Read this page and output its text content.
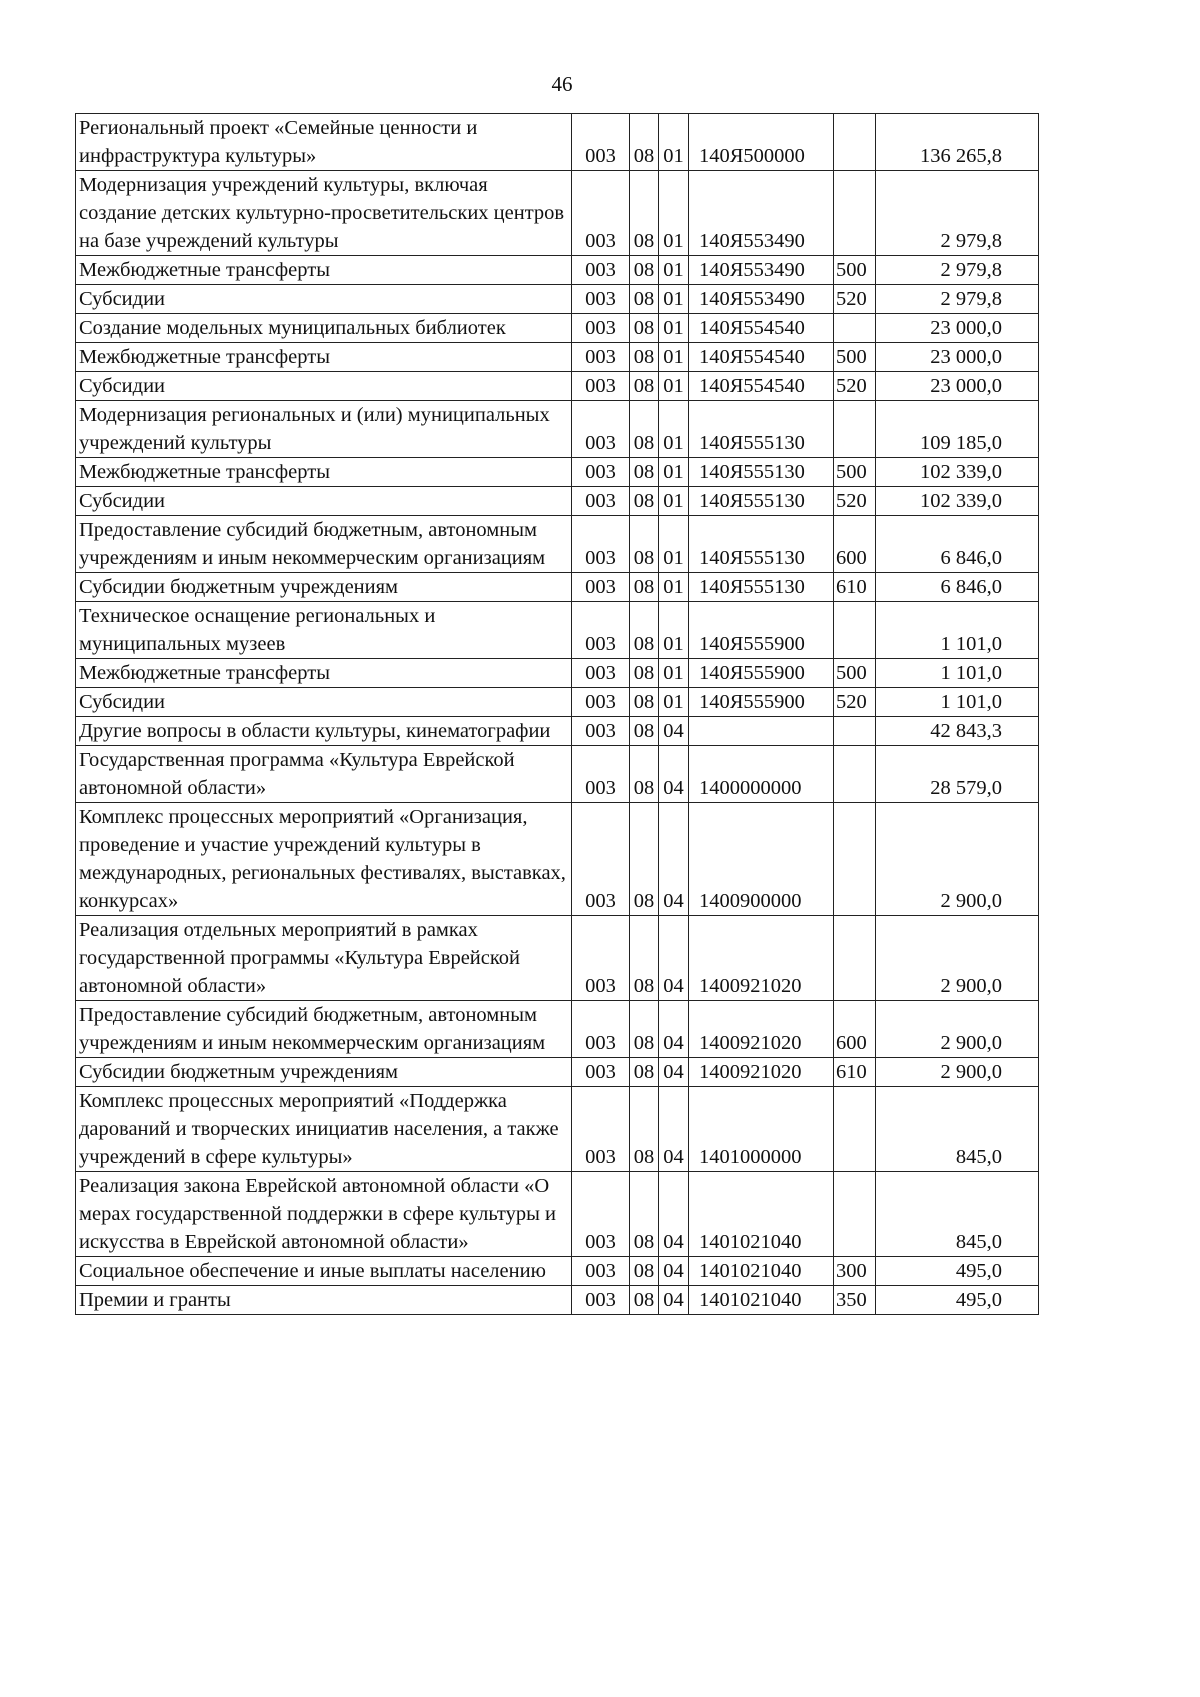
46
Региональный проект «Семейные ценности и инфраструктура культуры»	003	08	01	140Я500000		136 265,8
Модернизация учреждений культуры, включая создание детских культурно-просветительских центров на базе учреждений культуры	003	08	01	140Я553490		2 979,8
Межбюджетные трансферты	003	08	01	140Я553490	500	2 979,8
Субсидии	003	08	01	140Я553490	520	2 979,8
Создание модельных муниципальных библиотек	003	08	01	140Я554540		23 000,0
Межбюджетные трансферты	003	08	01	140Я554540	500	23 000,0
Субсидии	003	08	01	140Я554540	520	23 000,0
Модернизация региональных и (или) муниципальных учреждений культуры	003	08	01	140Я555130		109 185,0
Межбюджетные трансферты	003	08	01	140Я555130	500	102 339,0
Субсидии	003	08	01	140Я555130	520	102 339,0
Предоставление субсидий бюджетным, автономным учреждениям и иным некоммерческим организациям	003	08	01	140Я555130	600	6 846,0
Субсидии бюджетным учреждениям	003	08	01	140Я555130	610	6 846,0
Техническое оснащение региональных и муниципальных музеев	003	08	01	140Я555900		1 101,0
Межбюджетные трансферты	003	08	01	140Я555900	500	1 101,0
Субсидии	003	08	01	140Я555900	520	1 101,0
Другие вопросы в области культуры, кинематографии	003	08	04			42 843,3
Государственная программа «Культура Еврейской автономной области»	003	08	04	1400000000		28 579,0
Комплекс процессных мероприятий «Организация, проведение и участие учреждений культуры в международных, региональных фестивалях, выставках, конкурсах»	003	08	04	1400900000		2 900,0
Реализация отдельных мероприятий в рамках государственной программы «Культура Еврейской автономной области»	003	08	04	1400921020		2 900,0
Предоставление субсидий бюджетным, автономным учреждениям и иным некоммерческим организациям	003	08	04	1400921020	600	2 900,0
Субсидии бюджетным учреждениям	003	08	04	1400921020	610	2 900,0
Комплекс процессных мероприятий «Поддержка дарований и творческих инициатив населения, а также учреждений в сфере культуры»	003	08	04	1401000000		845,0
Реализация закона Еврейской автономной области «О мерах государственной поддержки в сфере культуры и искусства в Еврейской автономной области»	003	08	04	1401021040		845,0
Социальное обеспечение и иные выплаты населению	003	08	04	1401021040	300	495,0
Премии и гранты	003	08	04	1401021040	350	495,0
